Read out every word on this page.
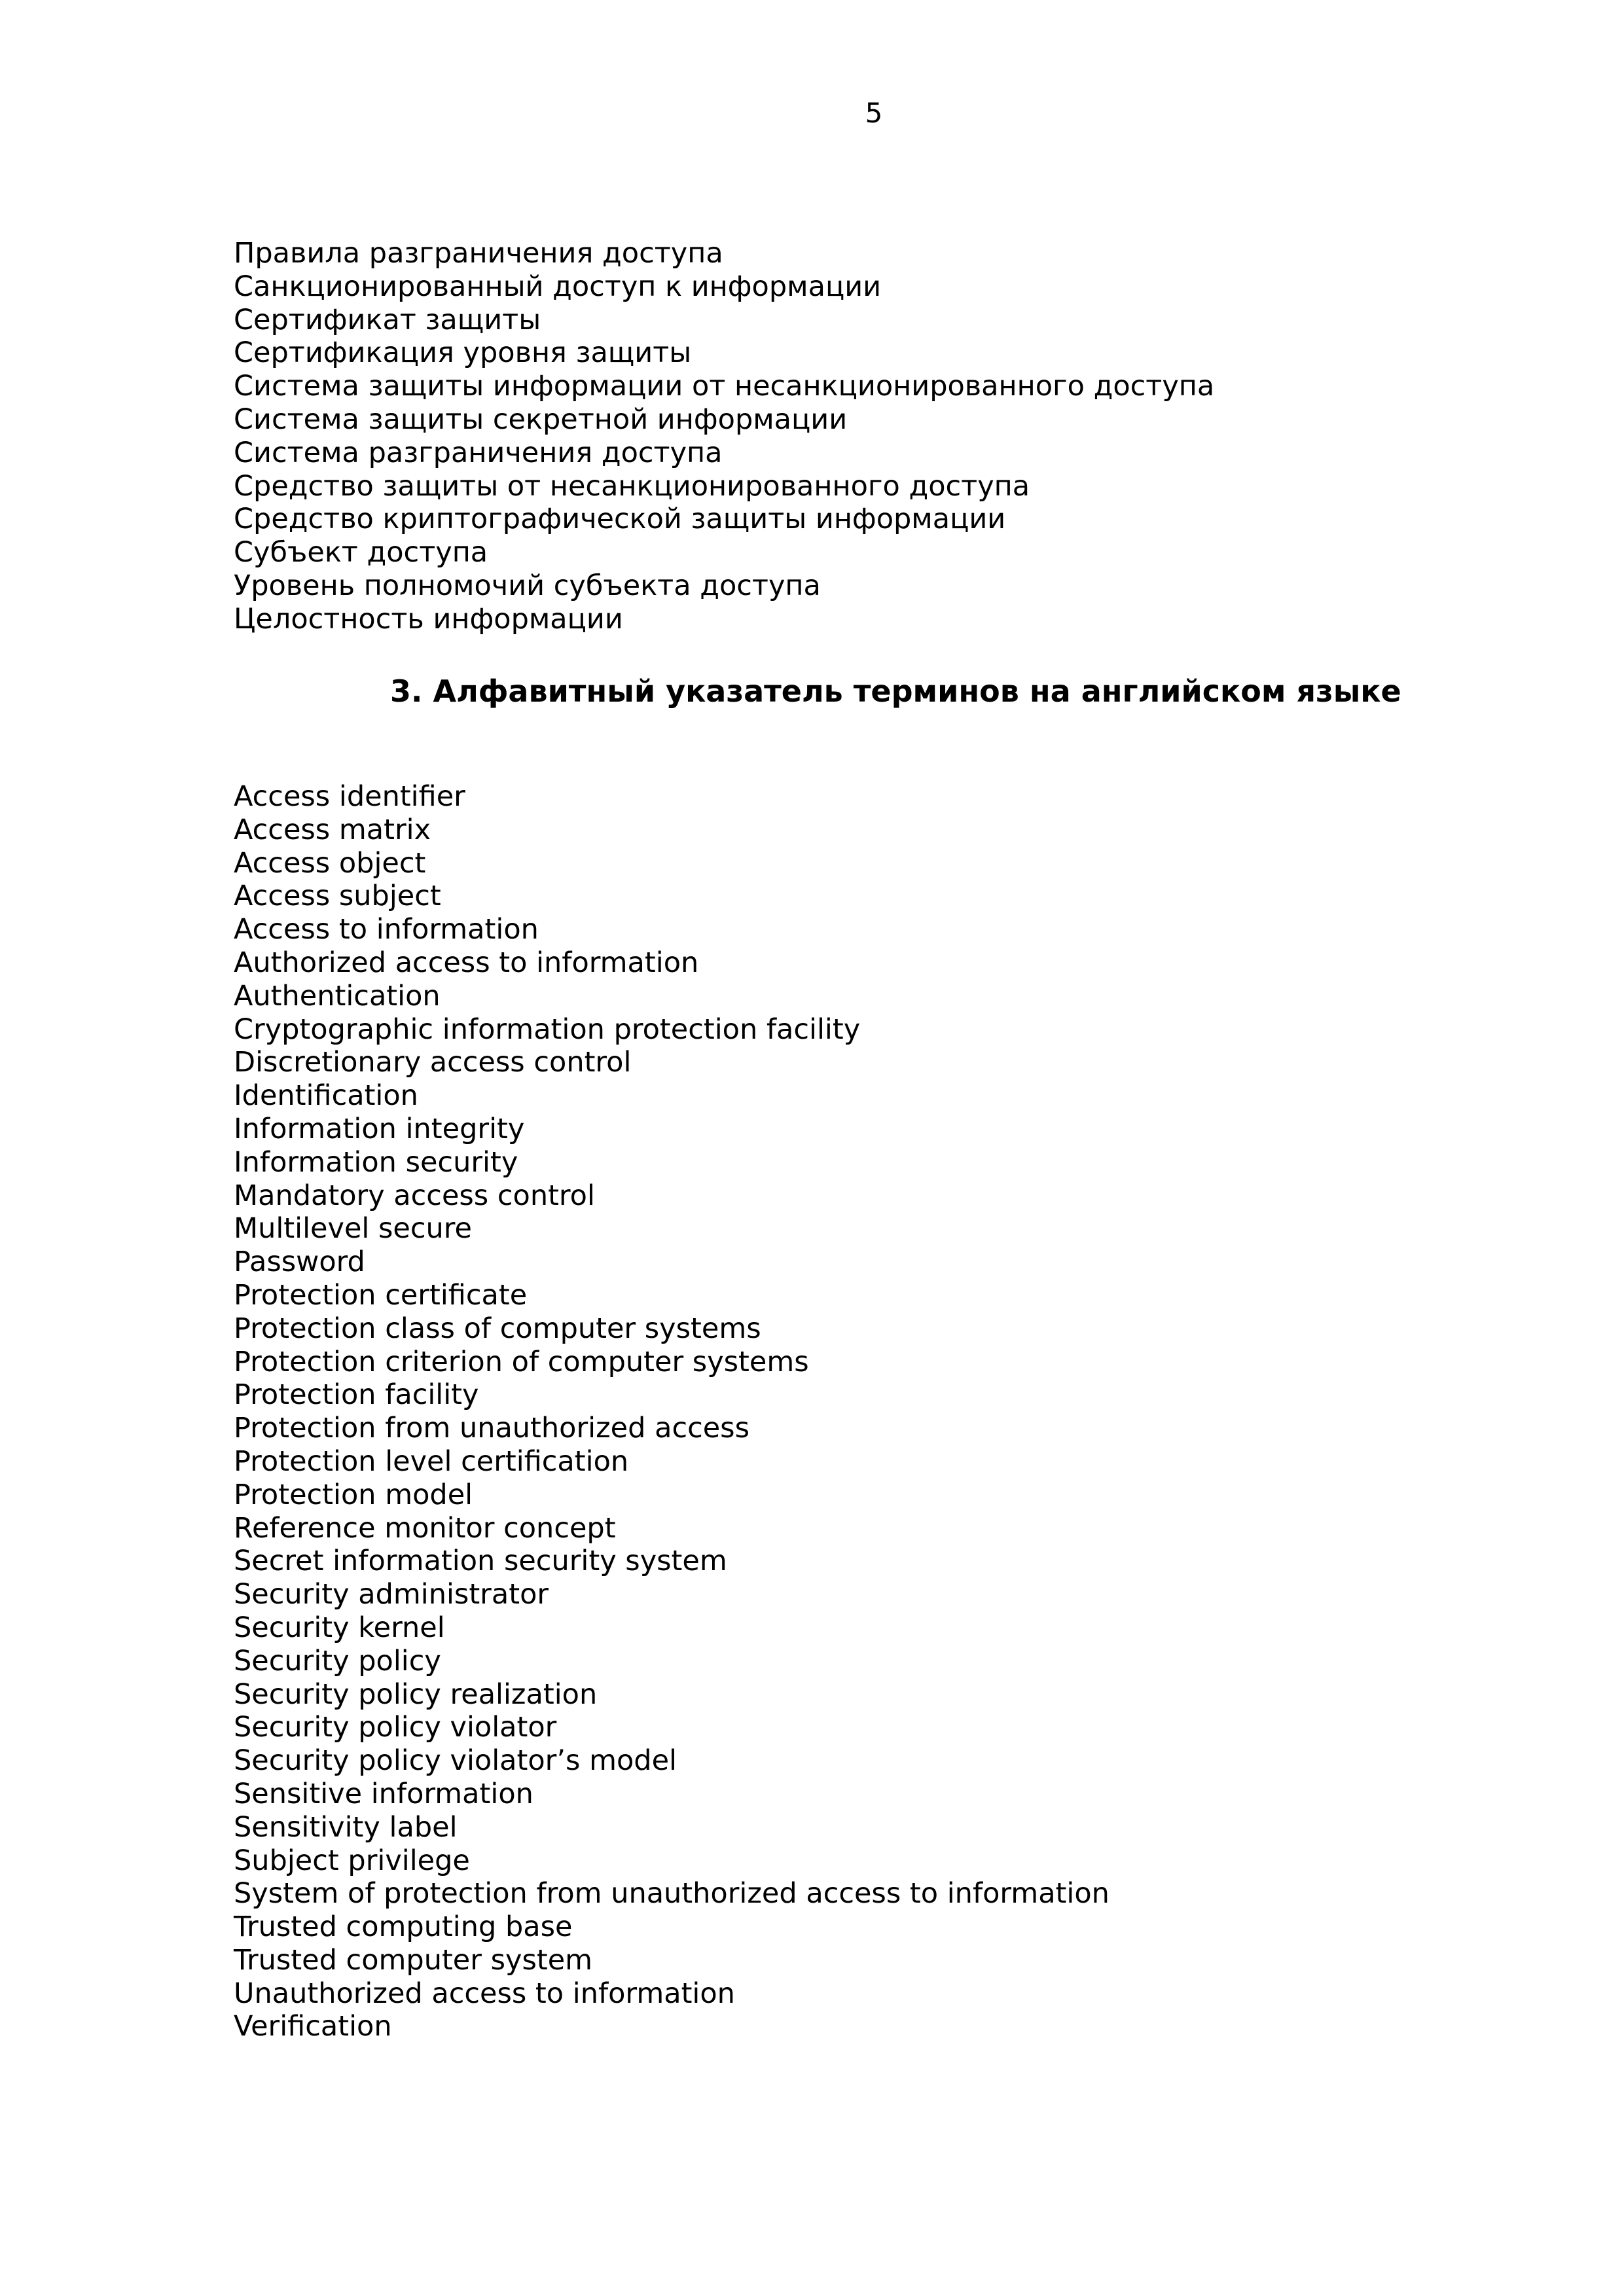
5
Правила разграничения доступа
Санкционированный доступ к информации
Сертификат защиты
Сертификация уровня защиты
Система защиты информации от несанкционированного доступа
Система защиты секретной информации
Система разграничения доступа
Средство защиты от несанкционированного доступа
Средство криптографической защиты информации
Субъект доступа
Уровень полномочий субъекта доступа
Целостность информации
3. Алфавитный указатель терминов на английском языке
Access identifier
Access matrix
Access object
Access subject
Access to information
Authorized access to information
Authentication
Cryptographic information protection facility
Discretionary access control
Identification
Information integrity
Information security
Mandatory access control
Multilevel secure
Password
Protection certificate
Protection class of computer systems
Protection criterion of computer systems
Protection facility
Protection from unauthorized access
Protection level certification
Protection model
Reference monitor concept
Secret information security system
Security administrator
Security kernel
Security policy
Security policy realization
Security policy violator
Security policy violator’s model
Sensitive information
Sensitivity label
Subject privilege
System of protection from unauthorized access to information
Trusted computing base
Trusted computer system
Unauthorized access to information
Verification
